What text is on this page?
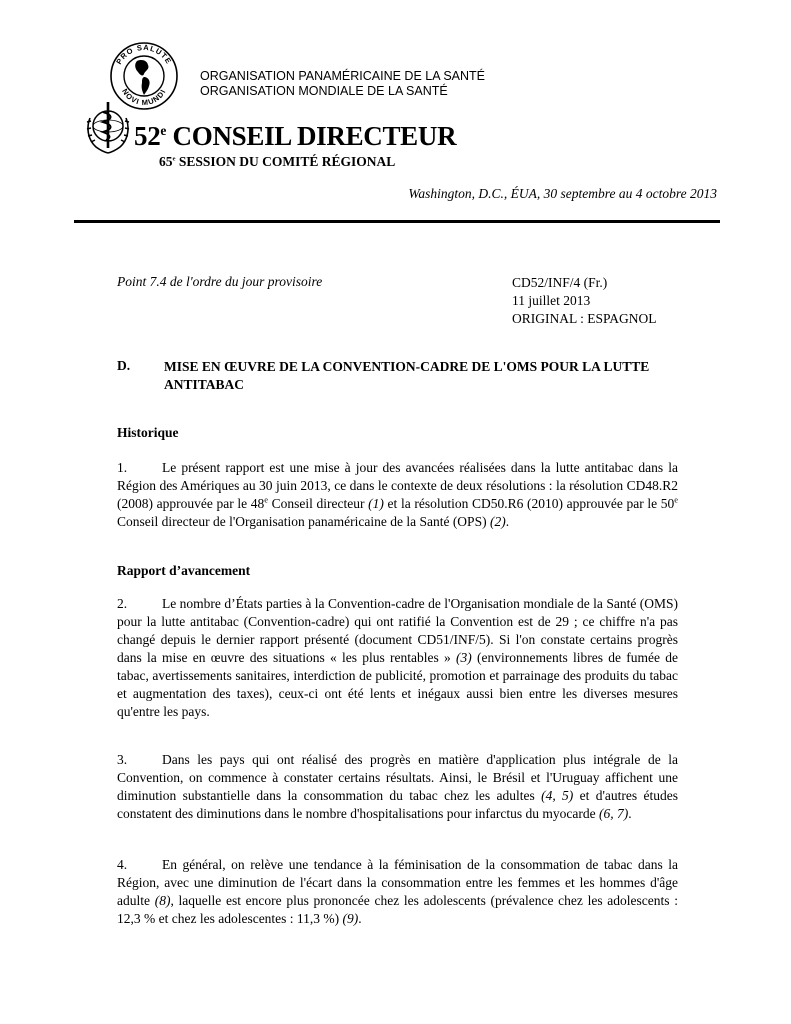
PRO SALUTE
NOVI MUNDI
ORGANISATION PANAMÉRICAINE DE LA SANTÉ
ORGANISATION MONDIALE DE LA SANTÉ
52e CONSEIL DIRECTEUR
65e SESSION DU COMITÉ RÉGIONAL
Washington, D.C., ÉUA, 30 septembre au 4 octobre 2013
Point 7.4 de l'ordre du jour provisoire	CD52/INF/4 (Fr.)
11 juillet 2013
ORIGINAL : ESPAGNOL
D.	MISE EN ŒUVRE DE LA CONVENTION-CADRE DE L'OMS POUR LA LUTTE ANTITABAC
Historique
1.	Le présent rapport est une mise à jour des avancées réalisées dans la lutte antitabac dans la Région des Amériques au 30 juin 2013, ce dans le contexte de deux résolutions : la résolution CD48.R2 (2008) approuvée par le 48e Conseil directeur (1) et la résolution CD50.R6 (2010) approuvée par le 50e Conseil directeur de l'Organisation panaméricaine de la Santé (OPS) (2).
Rapport d’avancement
2.	Le nombre d’États parties à la Convention-cadre de l'Organisation mondiale de la Santé (OMS) pour la lutte antitabac (Convention-cadre) qui ont ratifié la Convention est de 29 ; ce chiffre n'a pas changé depuis le dernier rapport présenté (document CD51/INF/5). Si l'on constate certains progrès dans la mise en œuvre des situations « les plus rentables » (3) (environnements libres de fumée de tabac, avertissements sanitaires, interdiction de publicité, promotion et parrainage des produits du tabac et augmentation des taxes), ceux-ci ont été lents et inégaux aussi bien entre les diverses mesures qu'entre les pays.
3.	Dans les pays qui ont réalisé des progrès en matière d'application plus intégrale de la Convention, on commence à constater certains résultats. Ainsi, le Brésil et l'Uruguay affichent une diminution substantielle dans la consommation du tabac chez les adultes (4, 5) et d'autres études constatent des diminutions dans le nombre d'hospitalisations pour infarctus du myocarde (6, 7).
4.	En général, on relève une tendance à la féminisation de la consommation de tabac dans la Région, avec une diminution de l'écart dans la consommation entre les femmes et les hommes d'âge adulte (8), laquelle est encore plus prononcée chez les adolescents (prévalence chez les adolescents : 12,3 % et chez les adolescentes : 11,3 %) (9).
